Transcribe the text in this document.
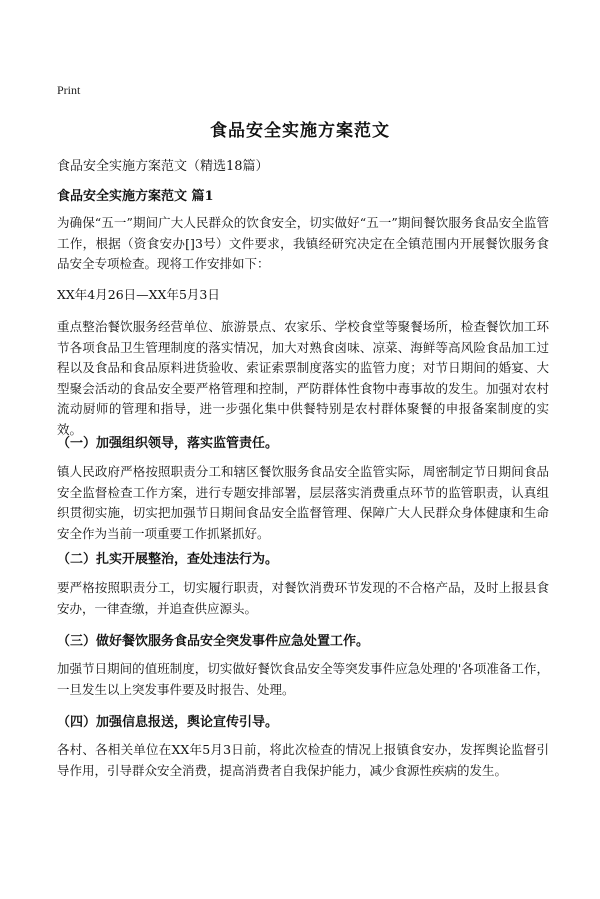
Print
食品安全实施方案范文

食品安全实施方案范文（精选18篇）

食品安全实施方案范文 篇1

为确保“五一”期间广大人民群众的饮食安全，切实做好“五一”期间餐饮服务食品安全监管工作，根据（资食安办[]3号）文件要求，我镇经研究决定在全镇范围内开展餐饮服务食品安全专项检查。现将工作安排如下：

XX年4月26日—XX年5月3日

重点整治餐饮服务经营单位、旅游景点、农家乐、学校食堂等聚餐场所，检查餐饮加工环节各项食品卫生管理制度的落实情况，加大对熟食卤味、凉菜、海鲜等高风险食品加工过程以及食品和食品原料进货验收、索证索票制度落实的监管力度；对节日期间的婚宴、大型聚会活动的食品安全要严格管理和控制，严防群体性食物中毒事故的发生。加强对农村流动厨师的管理和指导，进一步强化集中供餐特别是农村群体聚餐的申报备案制度的实效。

（一）加强组织领导，落实监管责任。

镇人民政府严格按照职责分工和辖区餐饮服务食品安全监管实际，周密制定节日期间食品安全监督检查工作方案，进行专题安排部署，层层落实消费重点环节的监管职责，认真组织贯彻实施，切实把加强节日期间食品安全监督管理、保障广大人民群众身体健康和生命安全作为当前一项重要工作抓紧抓好。

（二）扎实开展整治，查处违法行为。

要严格按照职责分工，切实履行职责，对餐饮消费环节发现的不合格产品，及时上报县食安办，一律查缴，并追查供应源头。

（三）做好餐饮服务食品安全突发事件应急处置工作。

加强节日期间的值班制度，切实做好餐饮食品安全等突发事件应急处理的'各项准备工作，一旦发生以上突发事件要及时报告、处理。

（四）加强信息报送，舆论宣传引导。

各村、各相关单位在XX年5月3日前，将此次检查的情况上报镇食安办，发挥舆论监督引导作用，引导群众安全消费，提高消费者自我保护能力，减少食源性疾病的发生。
